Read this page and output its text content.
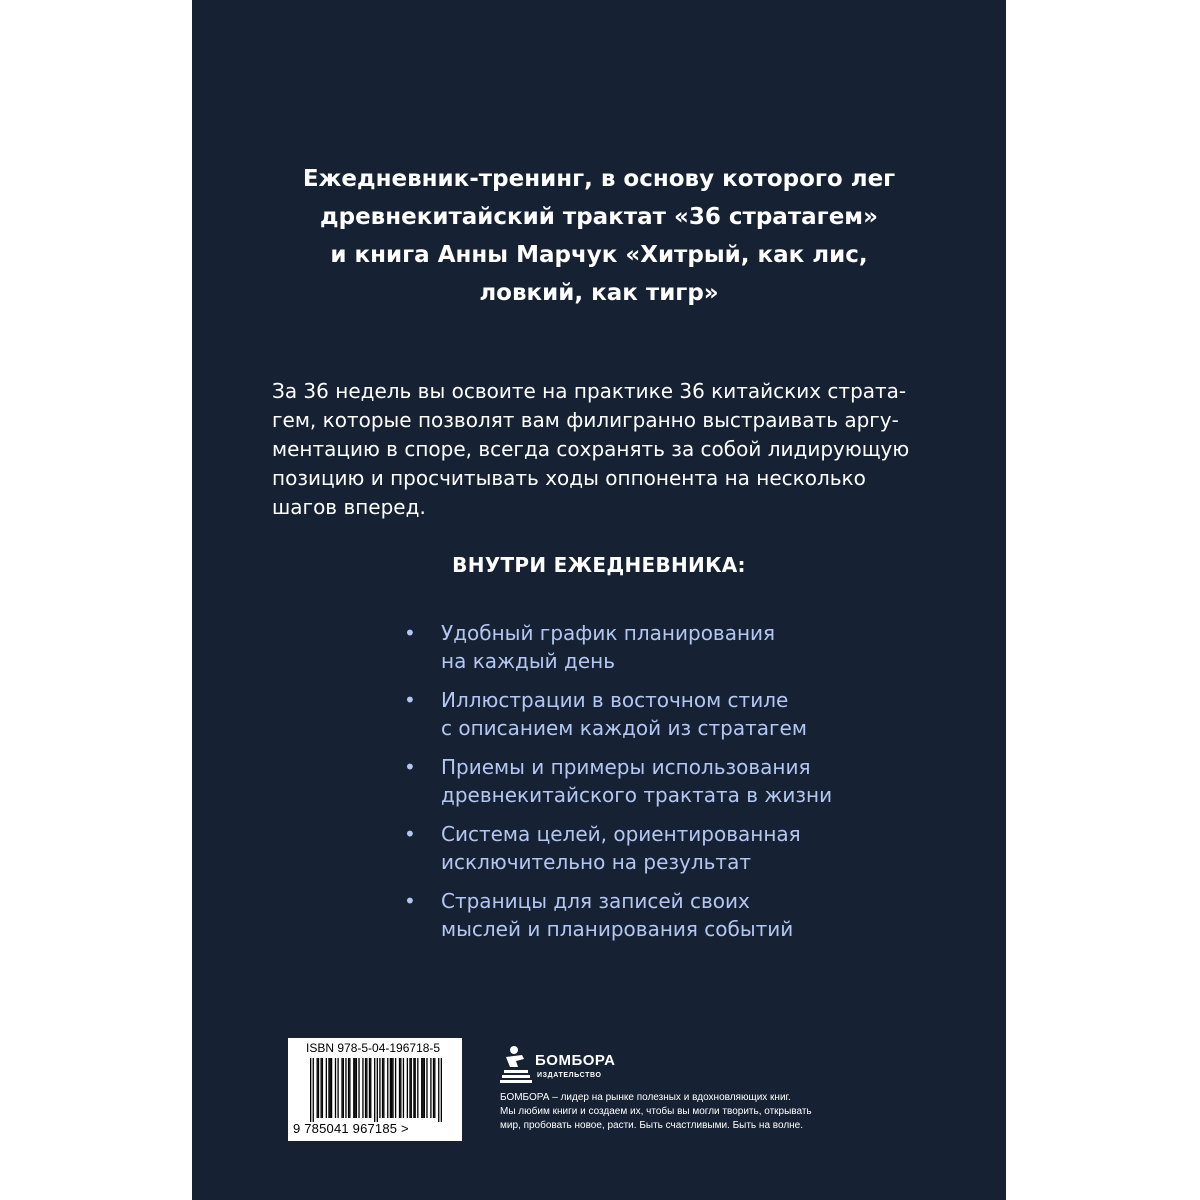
Ежедневник-тренинг, в основу которого лег
древнекитайский трактат «36 стратагем»
и книга Анны Марчук «Хитрый, как лис,
ловкий, как тигр»

За 36 недель вы освоите на практике 36 китайских страта-
гем, которые позволят вам филигранно выстраивать аргу-
ментацию в споре, всегда сохранять за собой лидирующую
позицию и просчитывать ходы оппонента на несколько
шагов вперед.

ВНУТРИ ЕЖЕДНЕВНИКА:
• Удобный график планирования
на каждый день
• Иллюстрации в восточном стиле
с описанием каждой из стратагем
• Приемы и примеры использования
древнекитайского трактата в жизни
• Система целей, ориентированная
исключительно на результат
• Страницы для записей своих
мыслей и планирования событий
ISBN 978-5-04-196718-5
9 785041 967185 >
БОМБОРА
ИЗДАТЕЛЬСТВО
БОМБОРА – лидер на рынке полезных и вдохновляющих книг.
Мы любим книги и создаем их, чтобы вы могли творить, открывать
мир, пробовать новое, расти. Быть счастливыми. Быть на волне.
